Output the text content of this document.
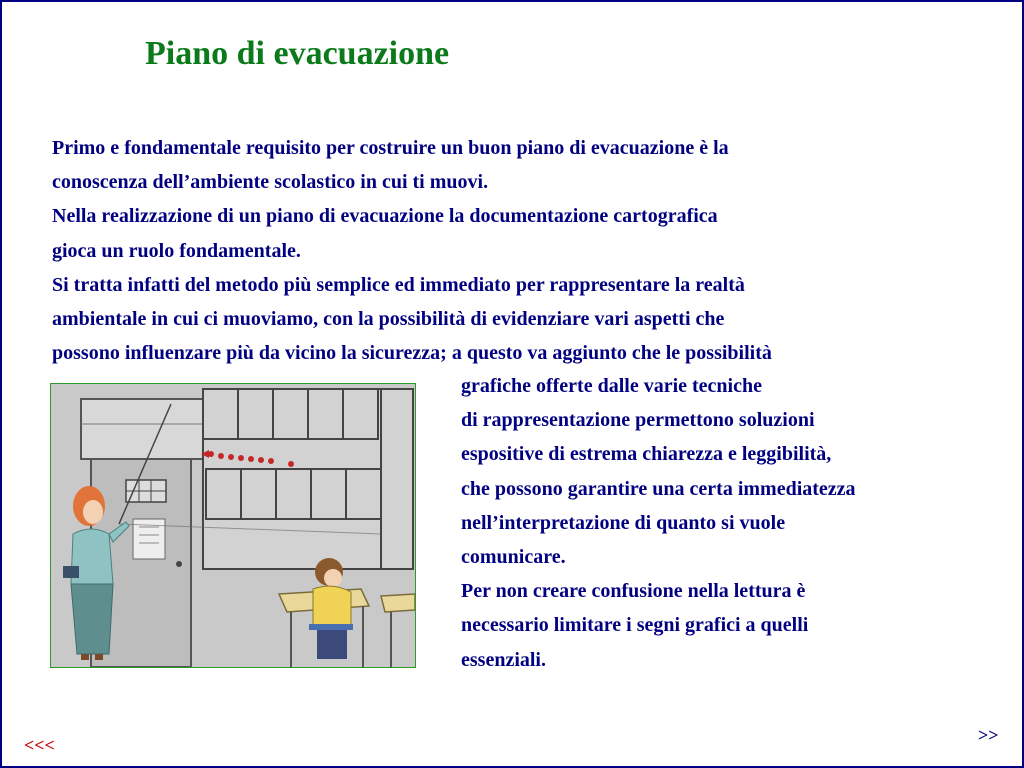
Piano di evacuazione
Primo e fondamentale requisito per costruire un buon piano di evacuazione è la
conoscenza dell’ambiente scolastico in cui ti muovi.
Nella realizzazione di un piano di evacuazione la documentazione cartografica
gioca un ruolo fondamentale.
Si tratta infatti del metodo più semplice ed immediato per rappresentare la realtà
ambientale in cui ci muoviamo, con la possibilità di evidenziare vari aspetti che
possono influenzare più da vicino la sicurezza; a questo va aggiunto che le possibilità
grafiche offerte dalle varie tecniche
di rappresentazione permettono soluzioni
espositive di estrema chiarezza e leggibilità,
che possono garantire una certa immediatezza
nell’interpretazione di quanto si vuole
comunicare.
Per non creare confusione nella lettura è
necessario limitare i segni grafici a quelli
essenziali.
<<<	>>
